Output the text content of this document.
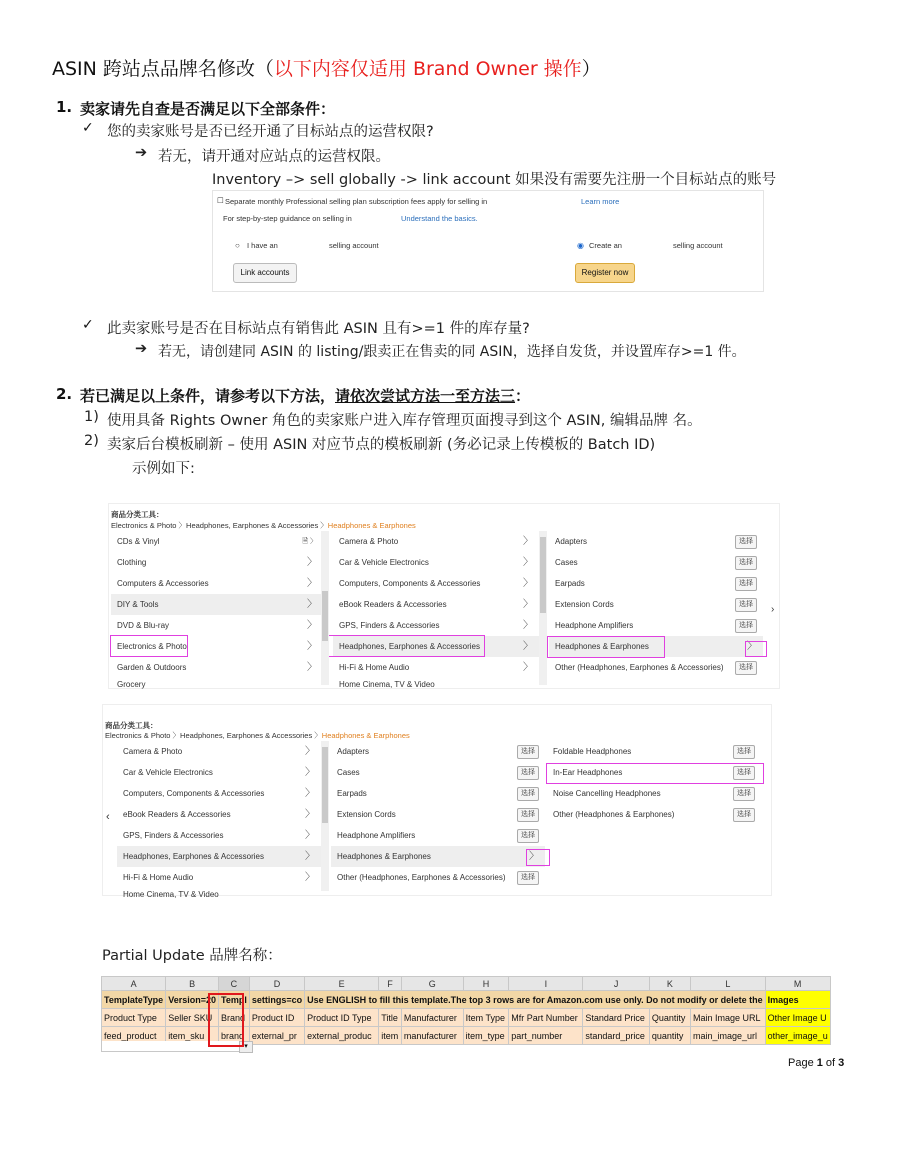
ASIN 跨站点品牌名修改（以下内容仅适用 Brand Owner 操作）
1. 卖家请先自查是否满足以下全部条件：
✓ 您的卖家账号是否已经开通了目标站点的运营权限?
➔ 若无，请开通对应站点的运营权限。
Inventory –> sell globally -> link account 如果没有需要先注册一个目标站点的账号
☐ Separate monthly Professional selling plan subscription fees apply for selling in	Learn more
For step-by-step guidance on selling in	Understand the basics.
○ I have an	selling account	◉ Create an	selling account
Link accounts	Register now
✓ 此卖家账号是否在目标站点有销售此 ASIN 且有>=1 件的库存量?
➔ 若无，请创建同 ASIN 的 listing/跟卖正在售卖的同 ASIN，选择自发货，并设置库存>=1 件。
2. 若已满足以上条件，请参考以下方法，请依次尝试方法一至方法三：
1) 使用具备 Rights Owner 角色的卖家账户进入库存管理页面搜寻到这个 ASIN, 编辑品牌 名。
2) 卖家后台模板刷新 – 使用 ASIN 对应节点的模板刷新 (务必记录上传模板的 Batch ID)
示例如下:
商品分类工具：
Electronics & Photo 〉Headphones, Earphones & Accessories 〉Headphones & Earphones
CDs & Vinyl	🗎 〉
Clothing	〉
Computers & Accessories	〉
DIY & Tools	〉
DVD & Blu-ray	〉
Electronics & Photo	〉
Garden & Outdoors	〉
Grocery
Camera & Photo	〉
Car & Vehicle Electronics	〉
Computers, Components & Accessories	〉
eBook Readers & Accessories	〉
GPS, Finders & Accessories	〉
Headphones, Earphones & Accessories	〉
Hi-Fi & Home Audio	〉
Home Cinema, TV & Video
Adapters	选择
Cases	选择
Earpads	选择
Extension Cords	选择
Headphone Amplifiers	选择
Headphones & Earphones	〉
Other (Headphones, Earphones & Accessories)	选择
›
商品分类工具：
Electronics & Photo 〉Headphones, Earphones & Accessories 〉Headphones & Earphones
‹
Camera & Photo	〉
Car & Vehicle Electronics	〉
Computers, Components & Accessories	〉
eBook Readers & Accessories	〉
GPS, Finders & Accessories	〉
Headphones, Earphones & Accessories	〉
Hi-Fi & Home Audio	〉
Home Cinema, TV & Video
Adapters	选择
Cases	选择
Earpads	选择
Extension Cords	选择
Headphone Amplifiers	选择
Headphones & Earphones	〉
Other (Headphones, Earphones & Accessories)	选择
Foldable Headphones	选择
In-Ear Headphones	选择
Noise Cancelling Headphones	选择
Other (Headphones & Earphones)	选择
Partial Update 品牌名称：
A	B	C	D	E	F	G	H	I	J	K	L	M
TemplateType	Version=20	Templ	settings=co	Use ENGLISH to fill this template.The top 3 rows are for Amazon.com use only. Do not modify or delete the								Images
Product Type	Seller SKU	Brand	Product ID	Product ID Type	Title	Manufacturer	Item Type	Mfr Part Number	Standard Price	Quantity	Main Image URL	Other Image U
feed_product	item_sku	brand	external_pr	external_produc	item	manufacturer	item_type	part_number	standard_price	quantity	main_image_url	other_image_u
▾
Page 1 of 3
